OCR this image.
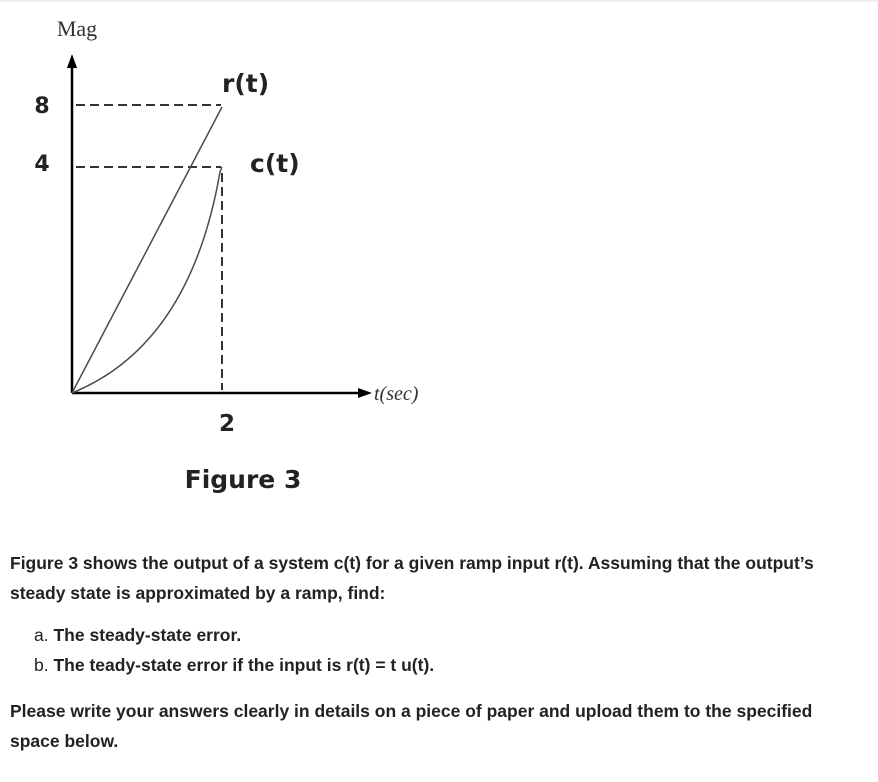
Mag
t(sec)
8
4
r(t)
c(t)
2
Figure 3

Figure 3 shows the output of a system c(t) for a given ramp input r(t). Assuming that the output’s steady state is approximated by a ramp, find:

a. The steady-state error.
b. The teady-state error if the input is r(t) = t u(t).

Please write your answers clearly in details on a piece of paper and upload them to the specified space below.
